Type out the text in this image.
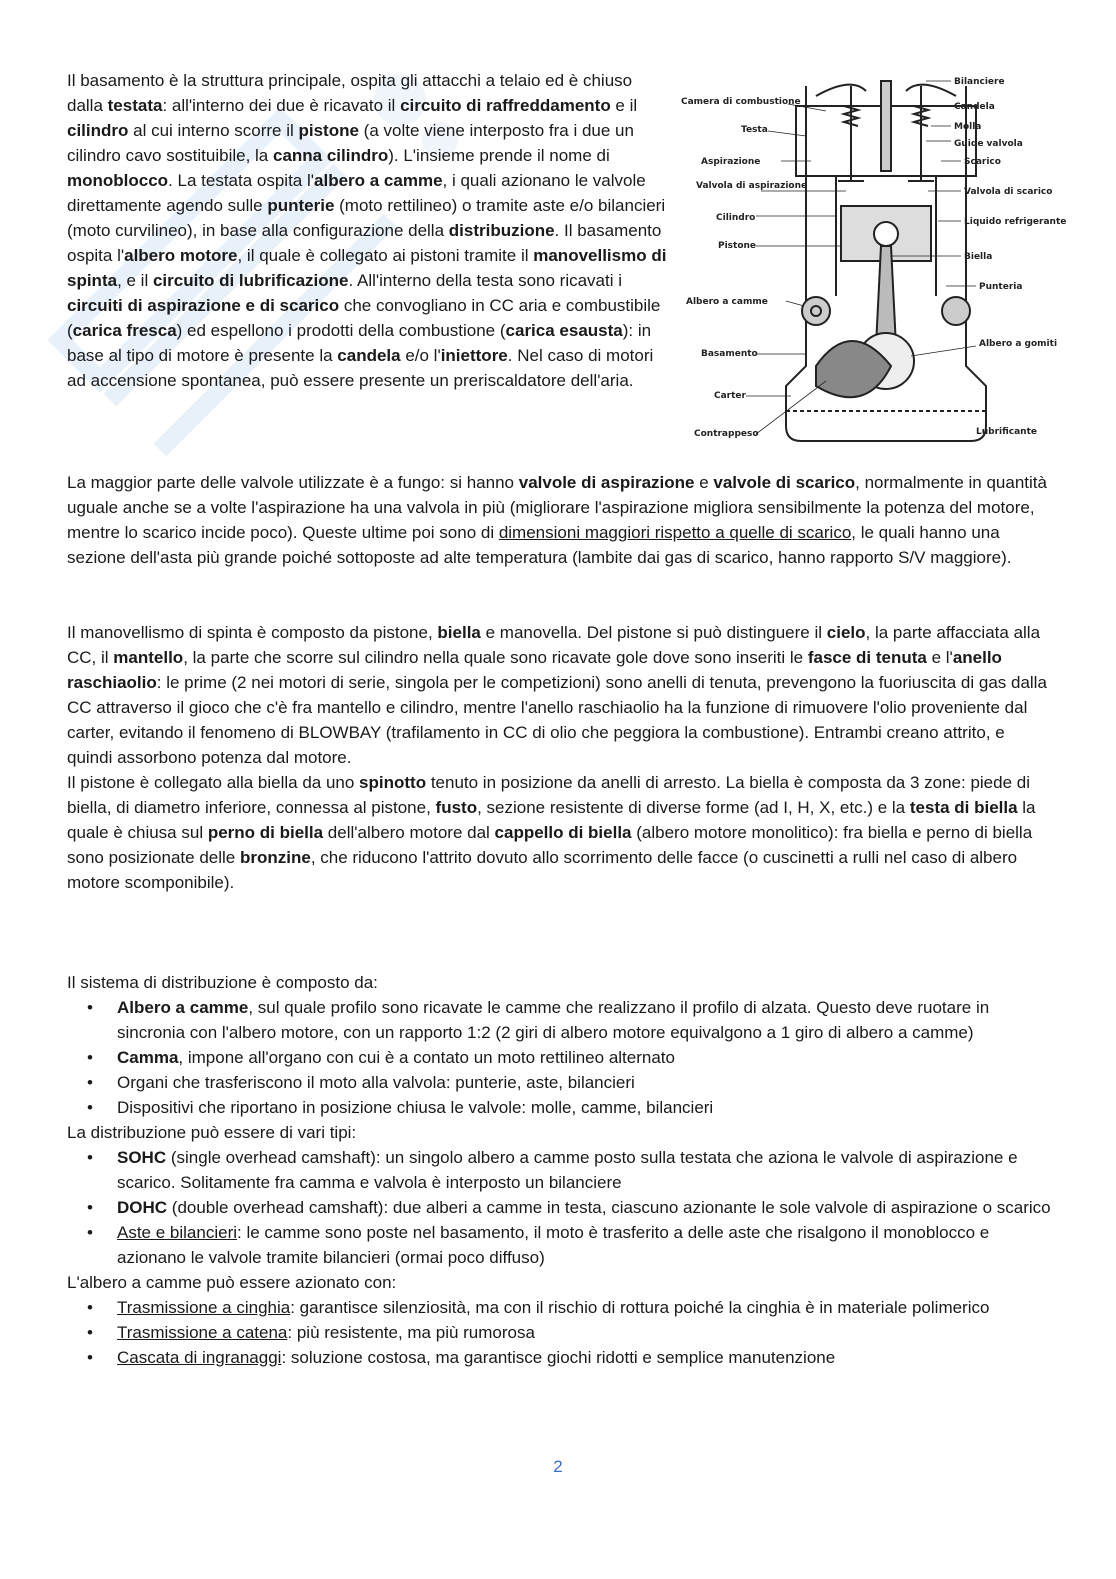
Il basamento è la struttura principale, ospita gli attacchi a telaio ed è chiuso dalla testata: all'interno dei due è ricavato il circuito di raffreddamento e il cilindro al cui interno scorre il pistone (a volte viene interposto fra i due un cilindro cavo sostituibile, la canna cilindro). L'insieme prende il nome di monoblocco. La testata ospita l'albero a camme, i quali azionano le valvole direttamente agendo sulle punterie (moto rettilineo) o tramite aste e/o bilancieri (moto curvilineo), in base alla configurazione della distribuzione. Il basamento ospita l'albero motore, il quale è collegato ai pistoni tramite il manovellismo di spinta, e il circuito di lubrificazione. All'interno della testa sono ricavati i circuiti di aspirazione e di scarico che convogliano in CC aria e combustibile (carica fresca) ed espellono i prodotti della combustione (carica esausta): in base al tipo di motore è presente la candela e/o l'iniettore. Nel caso di motori ad accensione spontanea, può essere presente un preriscaldatore dell'aria.

Camera di combustione
Testa
Aspirazione
Valvola di aspirazione
Cilindro
Pistone
Albero a camme
Basamento
Carter
Contrappeso
Bilanciere
Candela
Molla
Guide valvola
Scarico
Valvola di scarico
Liquido refrigerante
Biella
Punteria
Albero a gomiti
Lubrificante

La maggior parte delle valvole utilizzate è a fungo: si hanno valvole di aspirazione e valvole di scarico, normalmente in quantità uguale anche se a volte l'aspirazione ha una valvola in più (migliorare l'aspirazione migliora sensibilmente la potenza del motore, mentre lo scarico incide poco). Queste ultime poi sono di dimensioni maggiori rispetto a quelle di scarico, le quali hanno una sezione dell'asta più grande poiché sottoposte ad alte temperatura (lambite dai gas di scarico, hanno rapporto S/V maggiore).

Il manovellismo di spinta è composto da pistone, biella e manovella. Del pistone si può distinguere il cielo, la parte affacciata alla CC, il mantello, la parte che scorre sul cilindro nella quale sono ricavate gole dove sono inseriti le fasce di tenuta e l'anello raschiaolio: le prime (2 nei motori di serie, singola per le competizioni) sono anelli di tenuta, prevengono la fuoriuscita di gas dalla CC attraverso il gioco che c'è fra mantello e cilindro, mentre l'anello raschiaolio ha la funzione di rimuovere l'olio proveniente dal carter, evitando il fenomeno di BLOWBAY (trafilamento in CC di olio che peggiora la combustione). Entrambi creano attrito, e quindi assorbono potenza dal motore.

Il pistone è collegato alla biella da uno spinotto tenuto in posizione da anelli di arresto. La biella è composta da 3 zone: piede di biella, di diametro inferiore, connessa al pistone, fusto, sezione resistente di diverse forme (ad I, H, X, etc.) e la testa di biella la quale è chiusa sul perno di biella dell'albero motore dal cappello di biella (albero motore monolitico): fra biella e perno di biella sono posizionate delle bronzine, che riducono l'attrito dovuto allo scorrimento delle facce (o cuscinetti a rulli nel caso di albero motore scomponibile).

Il sistema di distribuzione è composto da:

• Albero a camme, sul quale profilo sono ricavate le camme che realizzano il profilo di alzata. Questo deve ruotare in sincronia con l'albero motore, con un rapporto 1:2 (2 giri di albero motore equivalgono a 1 giro di albero a camme)
• Camma, impone all'organo con cui è a contato un moto rettilineo alternato
• Organi che trasferiscono il moto alla valvola: punterie, aste, bilancieri
• Dispositivi che riportano in posizione chiusa le valvole: molle, camme, bilancieri

La distribuzione può essere di vari tipi:

• SOHC (single overhead camshaft): un singolo albero a camme posto sulla testata che aziona le valvole di aspirazione e scarico. Solitamente fra camma e valvola è interposto un bilanciere
• DOHC (double overhead camshaft): due alberi a camme in testa, ciascuno azionante le sole valvole di aspirazione o scarico
• Aste e bilancieri: le camme sono poste nel basamento, il moto è trasferito a delle aste che risalgono il monoblocco e azionano le valvole tramite bilancieri (ormai poco diffuso)

L'albero a camme può essere azionato con:

• Trasmissione a cinghia: garantisce silenziosità, ma con il rischio di rottura poiché la cinghia è in materiale polimerico
• Trasmissione a catena: più resistente, ma più rumorosa
• Cascata di ingranaggi: soluzione costosa, ma garantisce giochi ridotti e semplice manutenzione
2
